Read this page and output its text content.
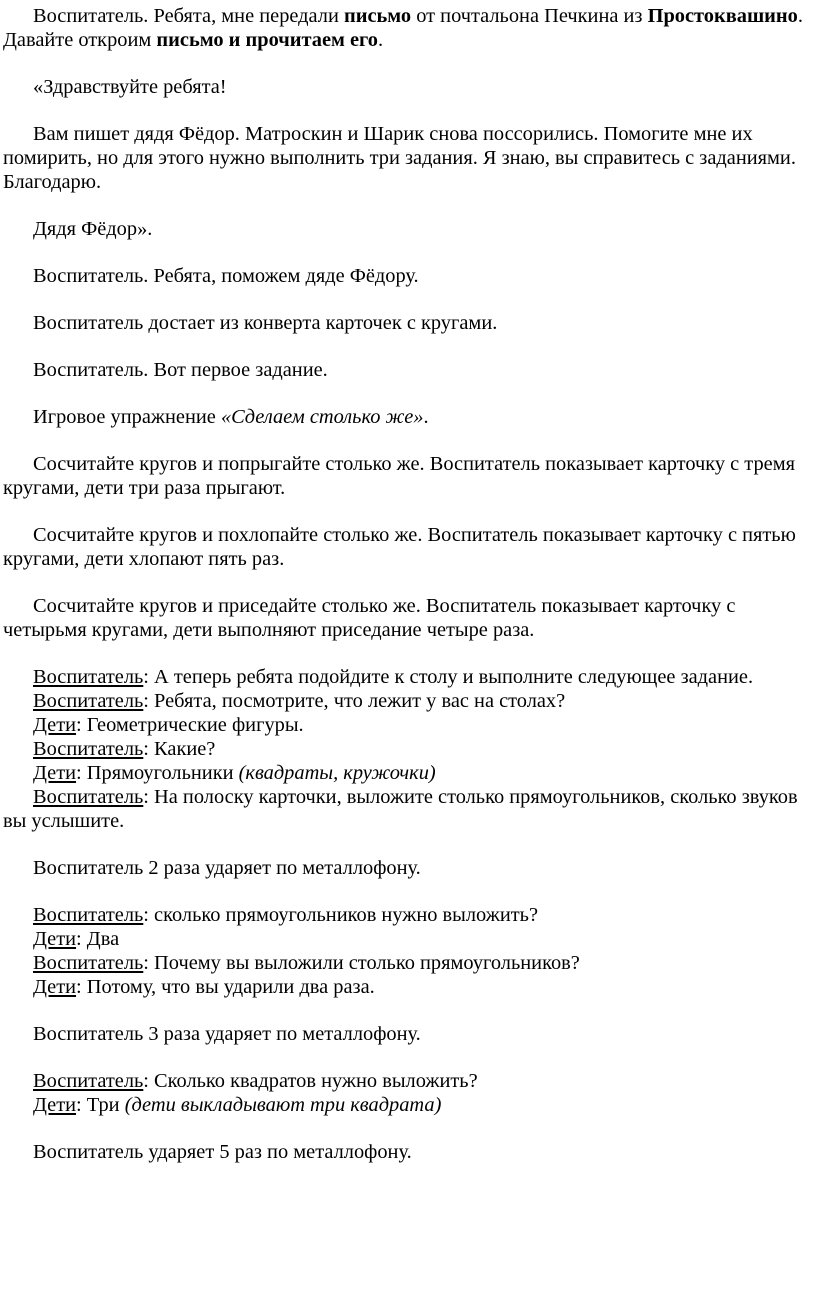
Воспитатель. Ребята, мне передали письмо от почтальона Печкина из Простоквашино. Давайте откроим письмо и прочитаем его.

«Здравствуйте ребята!

Вам пишет дядя Фёдор. Матроскин и Шарик снова поссорились. Помогите мне их помирить, но для этого нужно выполнить три задания. Я знаю, вы справитесь с заданиями. Благодарю.

Дядя Фёдор».

Воспитатель. Ребята, поможем дяде Фёдору.

Воспитатель достает из конверта карточек с кругами.

Воспитатель. Вот первое задание.

Игровое упражнение «Сделаем столько же».

Сосчитайте кругов и попрыгайте столько же. Воспитатель показывает карточку с тремя кругами, дети три раза прыгают.

Сосчитайте кругов и похлопайте столько же. Воспитатель показывает карточку с пятью кругами, дети хлопают пять раз.

Сосчитайте кругов и приседайте столько же. Воспитатель показывает карточку с четырьмя кругами, дети выполняют приседание четыре раза.

Воспитатель: А теперь ребята подойдите к столу и выполните следующее задание.

Воспитатель: Ребята, посмотрите, что лежит у вас на столах?

Дети: Геометрические фигуры.

Воспитатель: Какие?

Дети: Прямоугольники (квадраты, кружочки)

Воспитатель: На полоску карточки, выложите столько прямоугольников, сколько звуков вы услышите.

Воспитатель 2 раза ударяет по металлофону.

Воспитатель: сколько прямоугольников нужно выложить?

Дети: Два

Воспитатель: Почему вы выложили столько прямоугольников?

Дети: Потому, что вы ударили два раза.

Воспитатель 3 раза ударяет по металлофону.

Воспитатель: Сколько квадратов нужно выложить?

Дети: Три (дети выкладывают три квадрата)

Воспитатель ударяет 5 раз по металлофону.
